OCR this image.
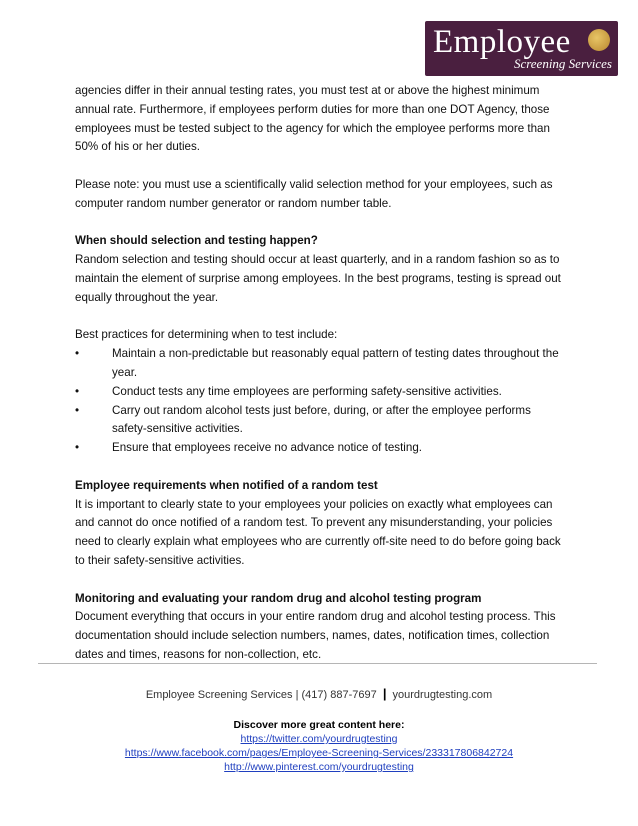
Employee
Screening Services

agencies differ in their annual testing rates, you must test at or above the highest minimum annual rate. Furthermore, if employees perform duties for more than one DOT Agency, those employees must be tested subject to the agency for which the employee performs more than 50% of his or her duties.

Please note: you must use a scientifically valid selection method for your employees, such as computer random number generator or random number table.

When should selection and testing happen?

Random selection and testing should occur at least quarterly, and in a random fashion so as to maintain the element of surprise among employees. In the best programs, testing is spread out equally throughout the year.

Best practices for determining when to test include:

•	Maintain a non-predictable but reasonably equal pattern of testing dates throughout the year.
•	Conduct tests any time employees are performing safety-sensitive activities.
•	Carry out random alcohol tests just before, during, or after the employee performs safety-sensitive activities.
•	Ensure that employees receive no advance notice of testing.

Employee requirements when notified of a random test

It is important to clearly state to your employees your policies on exactly what employees can and cannot do once notified of a random test. To prevent any misunderstanding, your policies need to clearly explain what employees who are currently off-site need to do before going back to their safety-sensitive activities.

Monitoring and evaluating your random drug and alcohol testing program

Document everything that occurs in your entire random drug and alcohol testing process. This documentation should include selection numbers, names, dates, notification times, collection dates and times, reasons for non-collection, etc.

Employee Screening Services | (417) 887-7697 | yourdrugtesting.com
Discover more great content here:
https://twitter.com/yourdrugtesting
https://www.facebook.com/pages/Employee-Screening-Services/233317806842724
http://www.pinterest.com/yourdrugtesting
